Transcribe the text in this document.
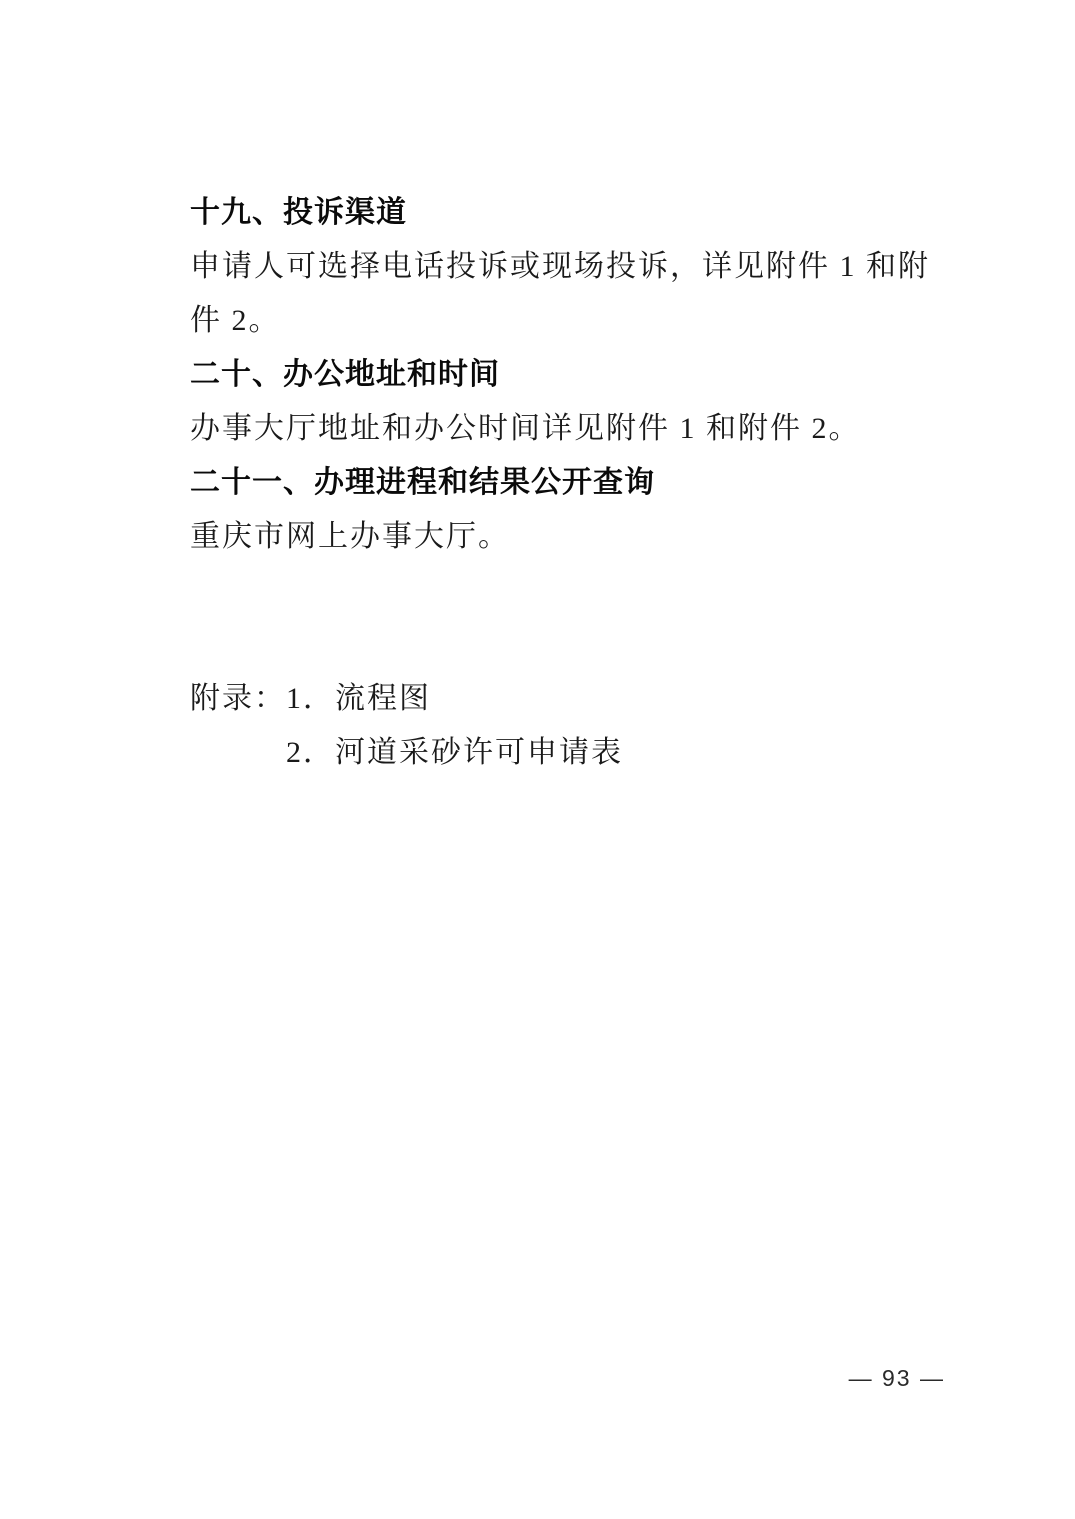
十九、投诉渠道
申请人可选择电话投诉或现场投诉，详见附件 1 和附件 2。
二十、办公地址和时间
办事大厅地址和办公时间详见附件 1 和附件 2。
二十一、办理进程和结果公开查询
重庆市网上办事大厅。
附录： 1．流程图
2．河道采砂许可申请表
— 93 —
